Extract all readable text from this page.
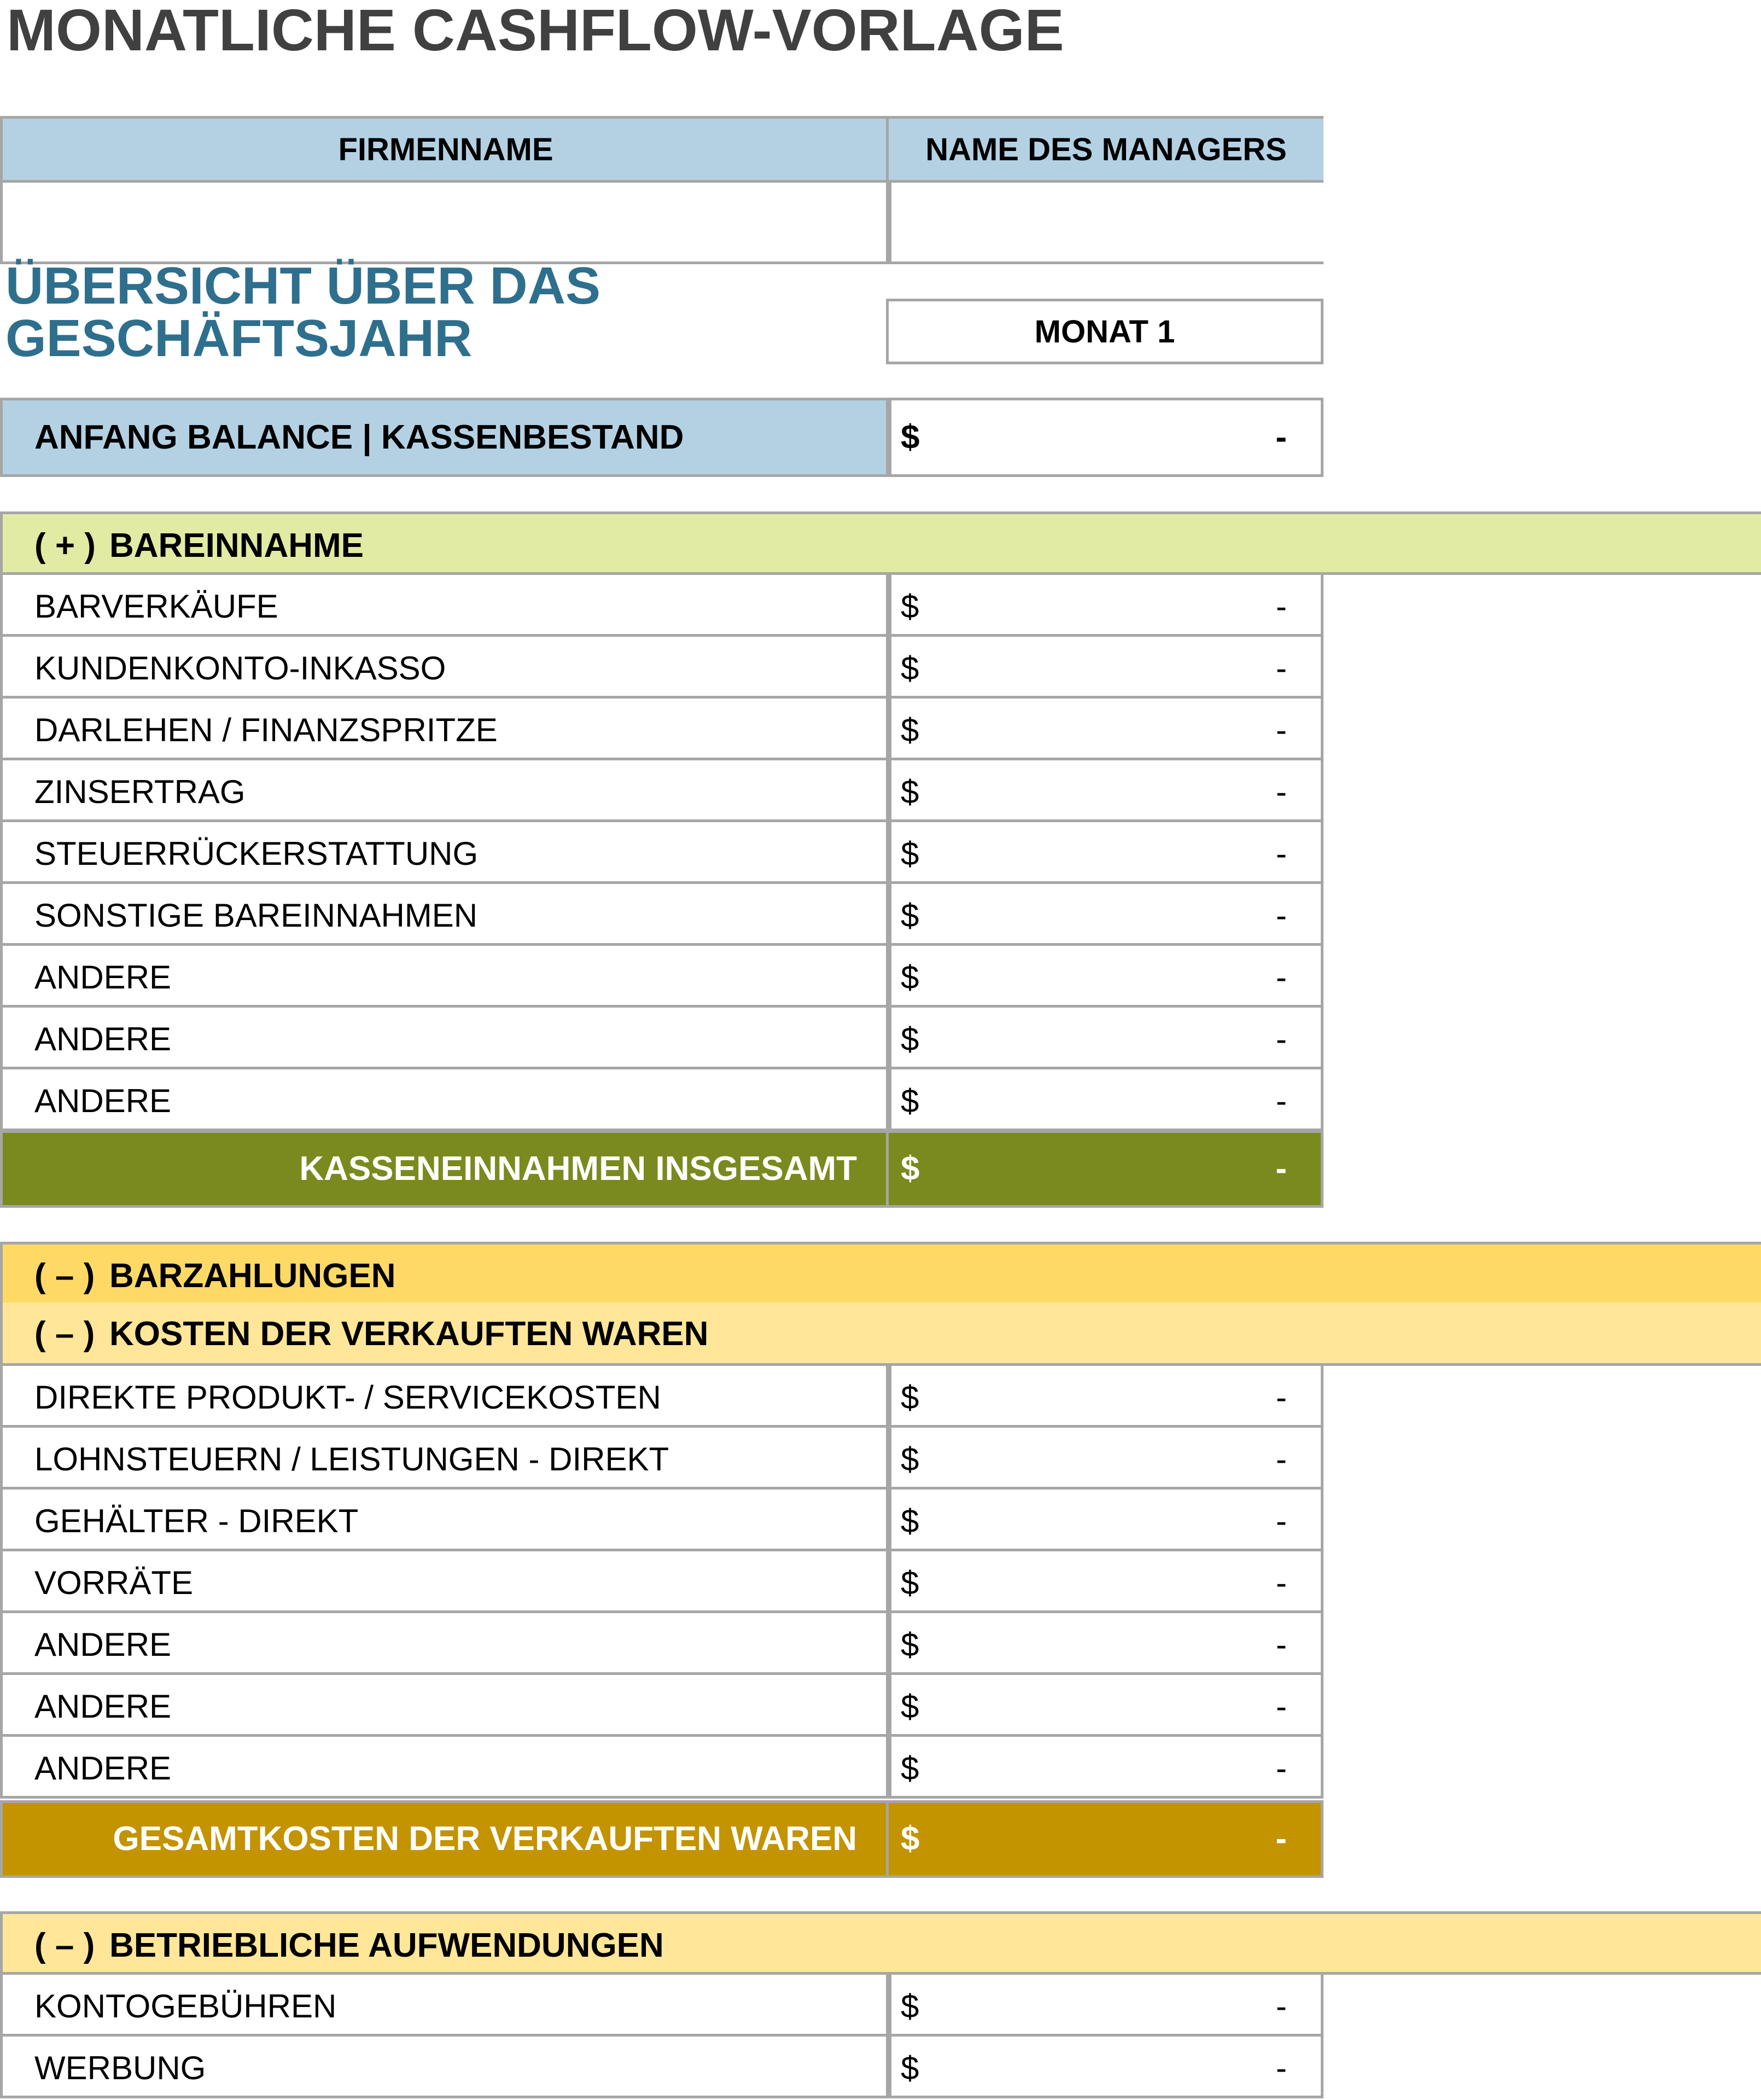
MONATLICHE CASHFLOW-VORLAGE
FIRMENNAME	NAME DES MANAGERS
ÜBERSICHT ÜBER DAS
GESCHÄFTSJAHR	MONAT 1
ANFANG BALANCE | KASSENBESTAND	$	-
( + ) BAREINNAHME
BARVERKÄUFE	$	-
KUNDENKONTO-INKASSO	$	-
DARLEHEN / FINANZSPRITZE	$	-
ZINSERTRAG	$	-
STEUERRÜCKERSTATTUNG	$	-
SONSTIGE BAREINNAHMEN	$	-
ANDERE	$	-
ANDERE	$	-
ANDERE	$	-
KASSENEINNAHMEN INSGESAMT $	-
( – ) BARZAHLUNGEN
( – ) KOSTEN DER VERKAUFTEN WAREN
DIREKTE PRODUKT- / SERVICEKOSTEN	$	-
LOHNSTEUERN / LEISTUNGEN - DIREKT	$	-
GEHÄLTER - DIREKT	$	-
VORRÄTE	$	-
ANDERE	$	-
ANDERE	$	-
ANDERE	$	-
GESAMTKOSTEN DER VERKAUFTEN WAREN $	-
( – ) BETRIEBLICHE AUFWENDUNGEN
KONTOGEBÜHREN	$	-
WERBUNG	$	-
